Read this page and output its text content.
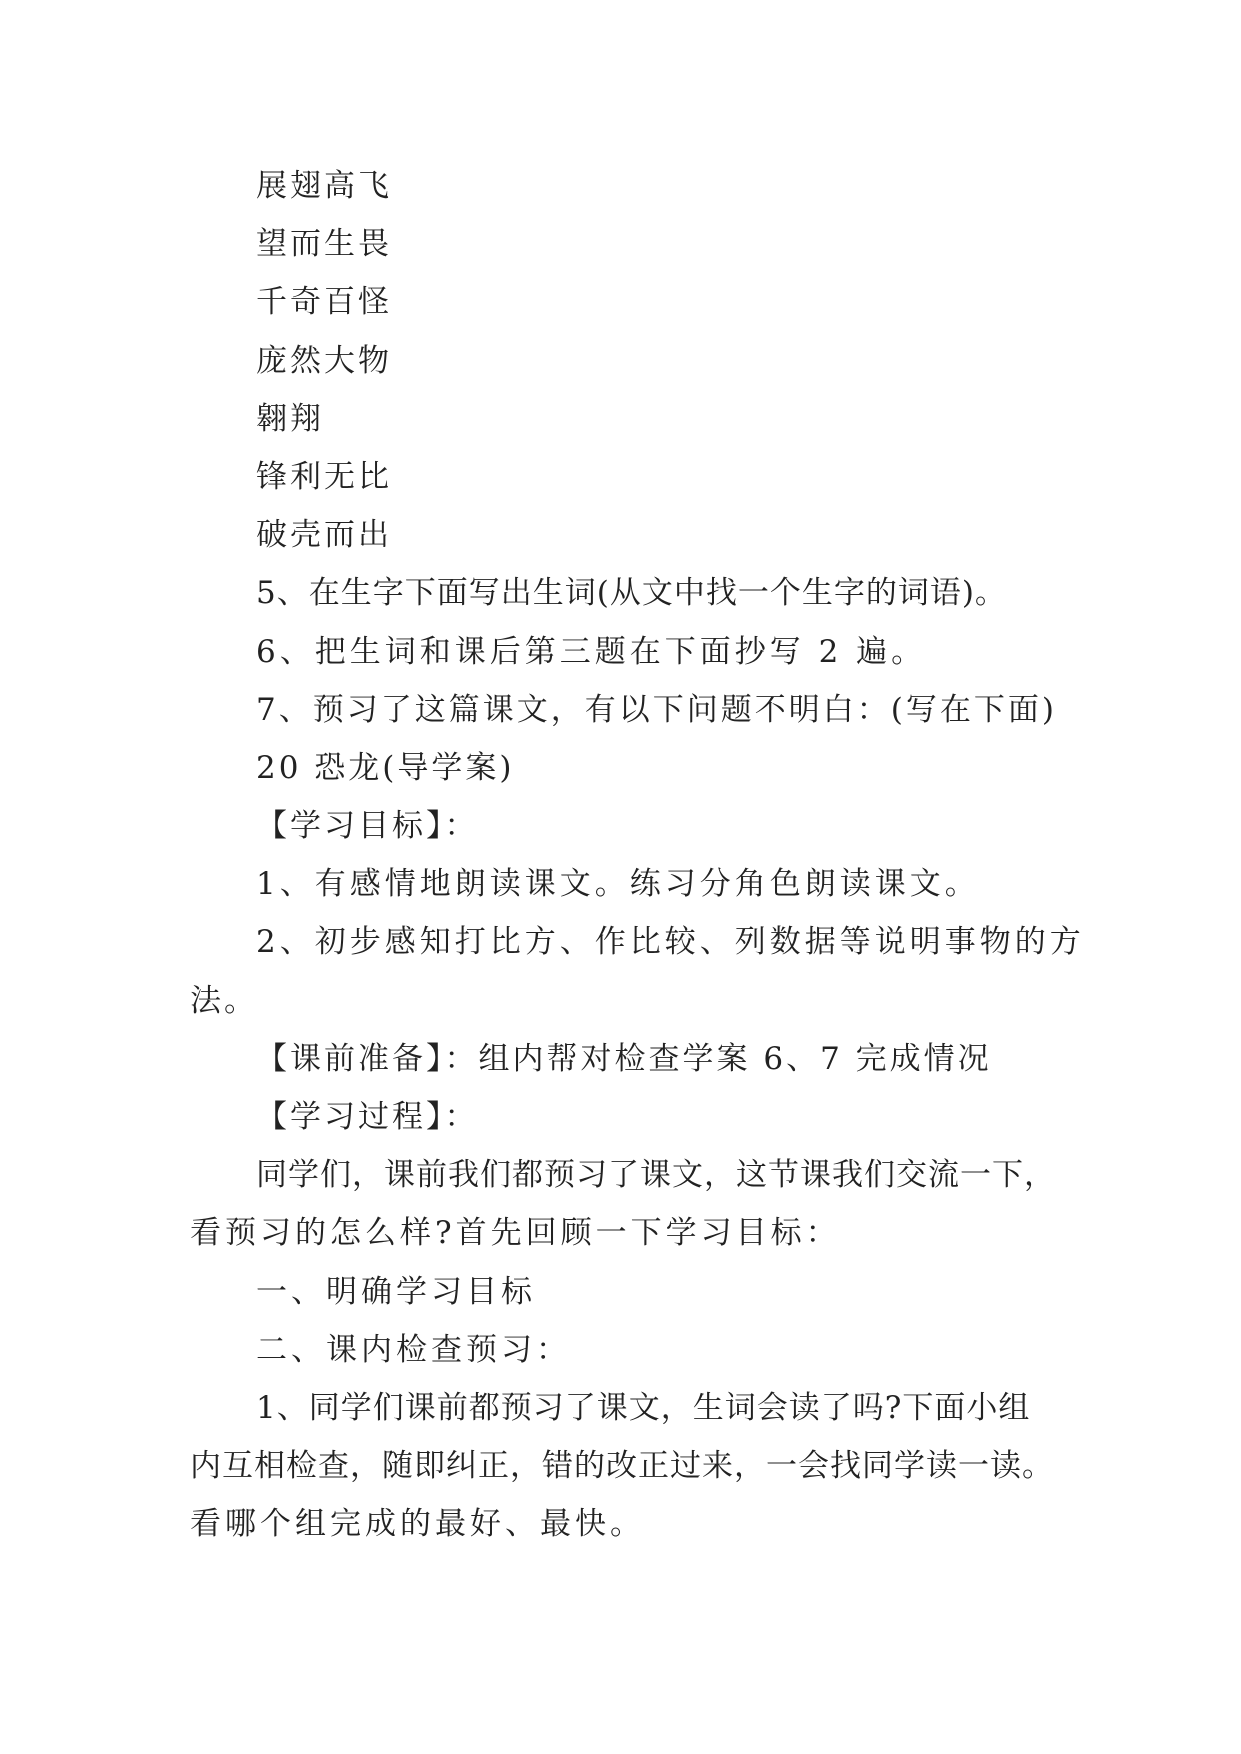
展翅高飞

望而生畏

千奇百怪

庞然大物

翱翔

锋利无比

破壳而出

5、在生字下面写出生词(从文中找一个生字的词语)。

6、把生词和课后第三题在下面抄写 2 遍。

7、预习了这篇课文，有以下问题不明白：(写在下面)

20 恐龙(导学案)

【学习目标】：

1、有感情地朗读课文。练习分角色朗读课文。

2、初步感知打比方、作比较、列数据等说明事物的方

法。

【课前准备】：组内帮对检查学案 6、7 完成情况

【学习过程】：

同学们，课前我们都预习了课文，这节课我们交流一下，

看预习的怎么样?首先回顾一下学习目标：

一、明确学习目标

二、课内检查预习：

1、同学们课前都预习了课文，生词会读了吗?下面小组

内互相检查，随即纠正，错的改正过来，一会找同学读一读。

看哪个组完成的最好、最快。
